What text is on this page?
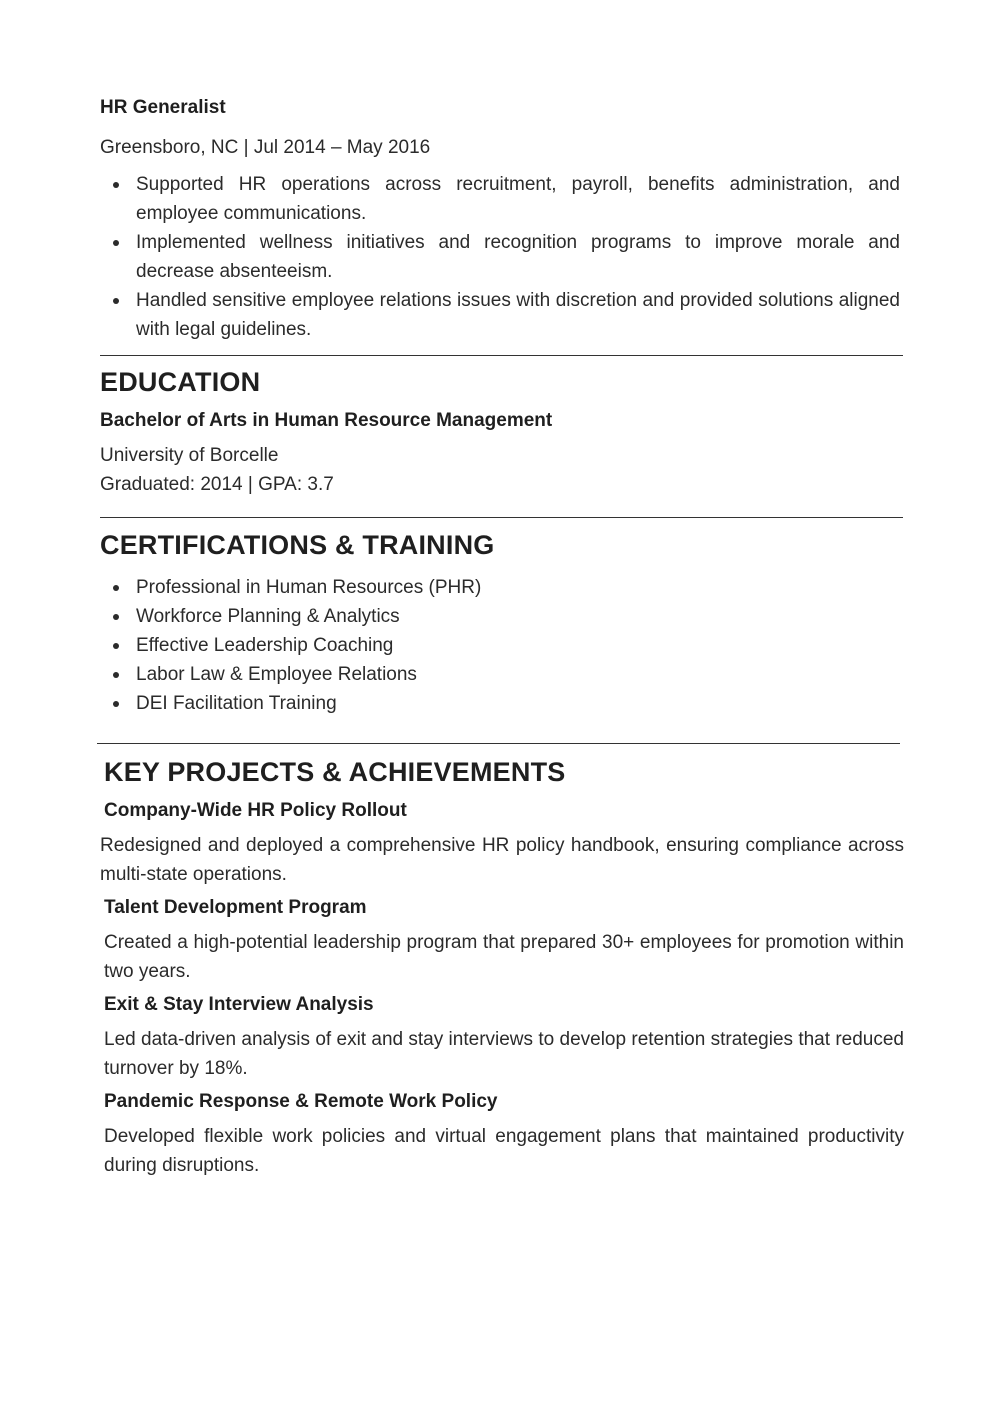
HR Generalist
Greensboro, NC | Jul 2014 – May 2016
Supported HR operations across recruitment, payroll, benefits administration, and employee communications.
Implemented wellness initiatives and recognition programs to improve morale and decrease absenteeism.
Handled sensitive employee relations issues with discretion and provided solutions aligned with legal guidelines.
EDUCATION
Bachelor of Arts in Human Resource Management
University of Borcelle
Graduated: 2014 | GPA: 3.7
CERTIFICATIONS & TRAINING
Professional in Human Resources (PHR)
Workforce Planning & Analytics
Effective Leadership Coaching
Labor Law & Employee Relations
DEI Facilitation Training
KEY PROJECTS & ACHIEVEMENTS
Company-Wide HR Policy Rollout
Redesigned and deployed a comprehensive HR policy handbook, ensuring compliance across multi-state operations.
Talent Development Program
Created a high-potential leadership program that prepared 30+ employees for promotion within two years.
Exit & Stay Interview Analysis
Led data-driven analysis of exit and stay interviews to develop retention strategies that reduced turnover by 18%.
Pandemic Response & Remote Work Policy
Developed flexible work policies and virtual engagement plans that maintained productivity during disruptions.
